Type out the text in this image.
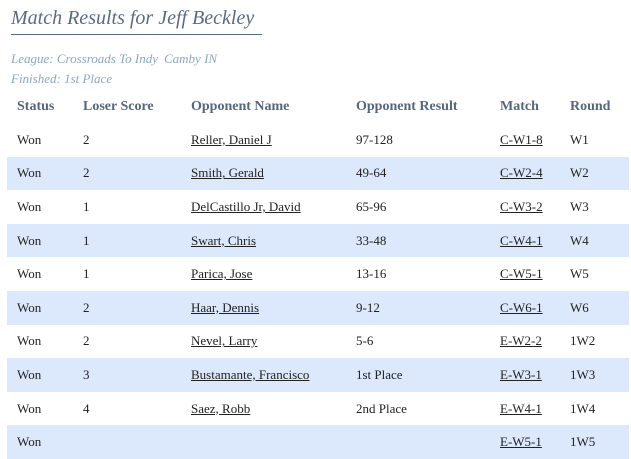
Match Results for Jeff Beckley
League: Crossroads To Indy Camby IN
Finished: 1st Place
Status	Loser Score	Opponent Name	Opponent Result	Match	Round
Won	2	Reller, Daniel J	97-128	C-W1-8	W1
Won	2	Smith, Gerald	49-64	C-W2-4	W2
Won	1	DelCastillo Jr, David	65-96	C-W3-2	W3
Won	1	Swart, Chris	33-48	C-W4-1	W4
Won	1	Parica, Jose	13-16	C-W5-1	W5
Won	2	Haar, Dennis	9-12	C-W6-1	W6
Won	2	Nevel, Larry	5-6	E-W2-2	1W2
Won	3	Bustamante, Francisco	1st Place	E-W3-1	1W3
Won	4	Saez, Robb	2nd Place	E-W4-1	1W4
Won				E-W5-1	1W5
